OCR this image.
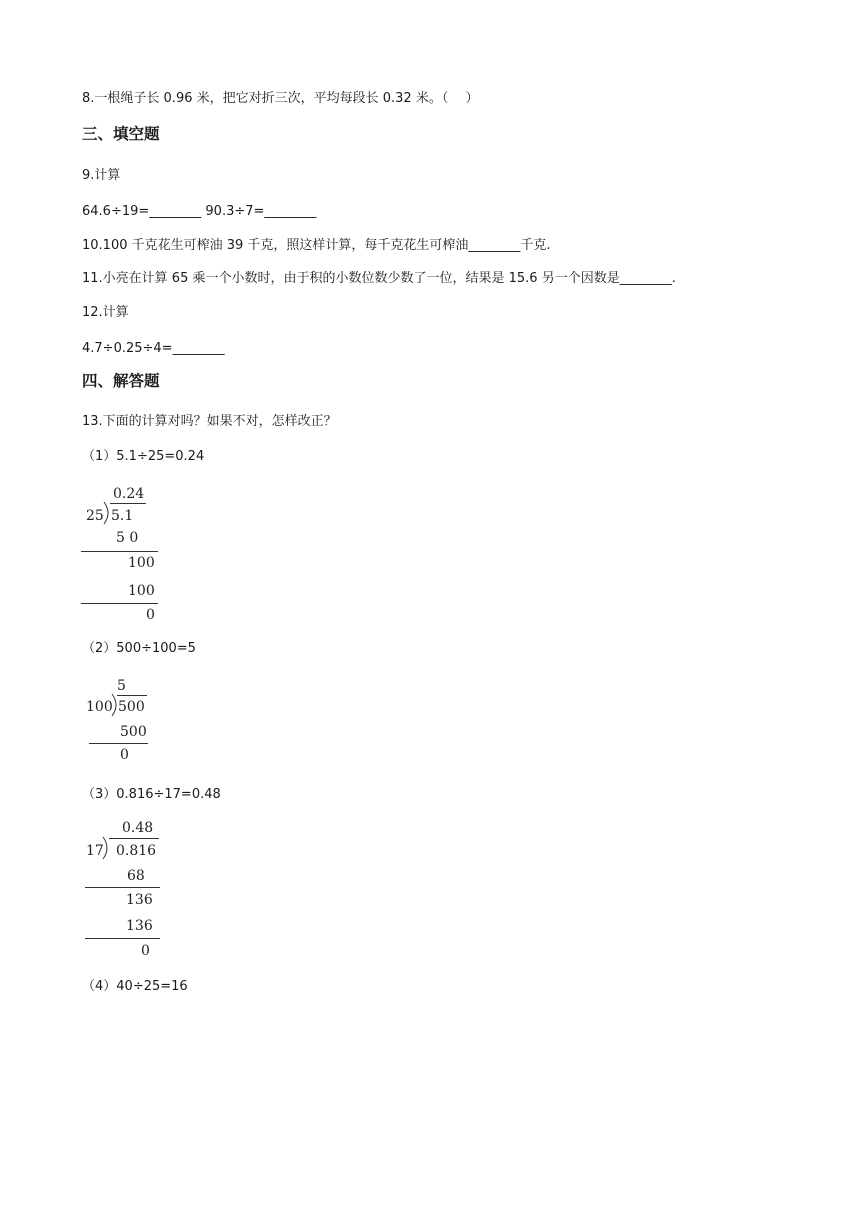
8.一根绳子长 0.96 米，把它对折三次，平均每段长 0.32 米。（　 ）
三、填空题
9.计算
64.6÷19=________ 90.3÷7=________
10.100 千克花生可榨油 39 千克，照这样计算，每千克花生可榨油________千克.
11.小亮在计算 65 乘一个小数时，由于积的小数位数少数了一位，结果是 15.6 另一个因数是________.
12.计算
4.7÷0.25÷4=________
四、解答题
13.下面的计算对吗？如果不对，怎样改正？
（1）5.1÷25=0.24
0.24
25 5.1
5 0
100
100
0
（2）500÷100=5
5
100 500
500
0
（3）0.816÷17=0.48
0.48
17 0.816
68
136
136
0
（4）40÷25=16
